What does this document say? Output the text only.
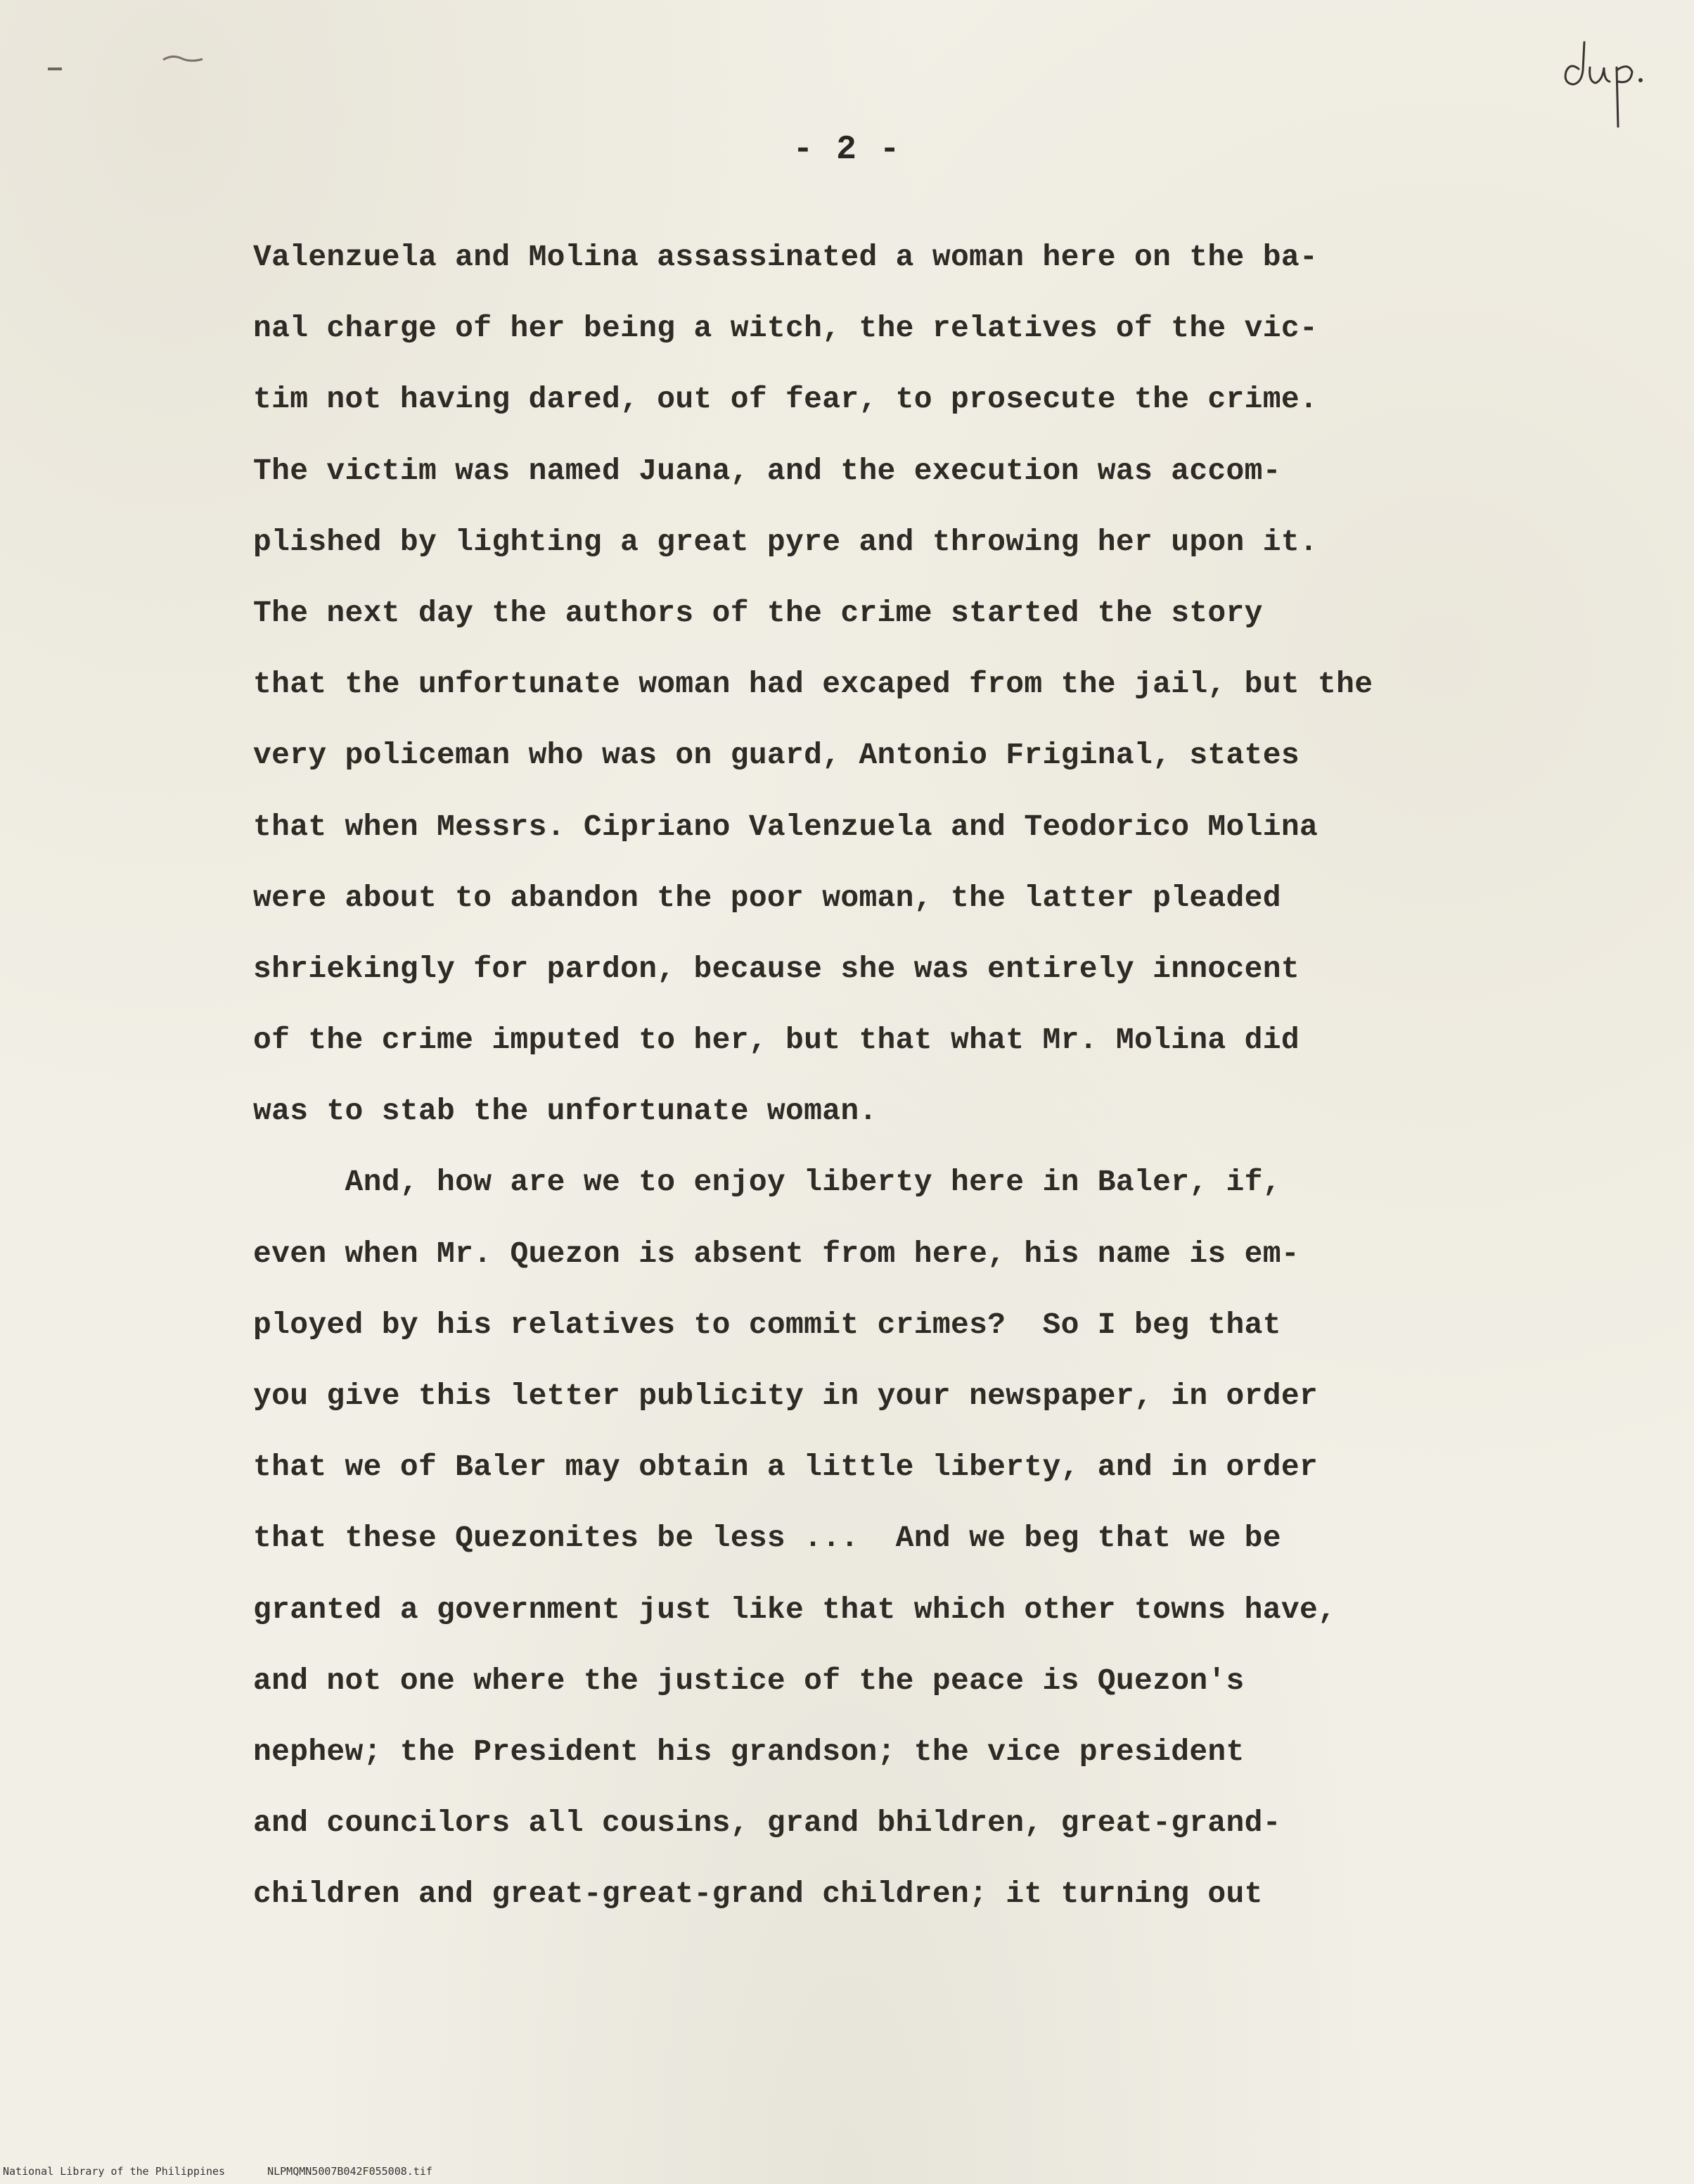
- 2 -
Valenzuela and Molina assassinated a woman here on the ba-
nal charge of her being a witch, the relatives of the vic-
tim not having dared, out of fear, to prosecute the crime.
The victim was named Juana, and the execution was accom-
plished by lighting a great pyre and throwing her upon it.
The next day the authors of the crime started the story
that the unfortunate woman had excaped from the jail, but the
very policeman who was on guard, Antonio Friginal, states
that when Messrs. Cipriano Valenzuela and Teodorico Molina
were about to abandon the poor woman, the latter pleaded
shriekingly for pardon, because she was entirely innocent
of the crime imputed to her, but that what Mr. Molina did
was to stab the unfortunate woman.
And, how are we to enjoy liberty here in Baler, if,
even when Mr. Quezon is absent from here, his name is em-
ployed by his relatives to commit crimes?  So I beg that
you give this letter publicity in your newspaper, in order
that we of Baler may obtain a little liberty, and in order
that these Quezonites be less ...  And we beg that we be
granted a government just like that which other towns have,
and not one where the justice of the peace is Quezon's
nephew; the President his grandson; the vice president
and councilors all cousins, grand bhildren, great-grand-
children and great-great-grand children; it turning out
National Library of the Philippines	NLPMQMN5007B042F055008.tif
